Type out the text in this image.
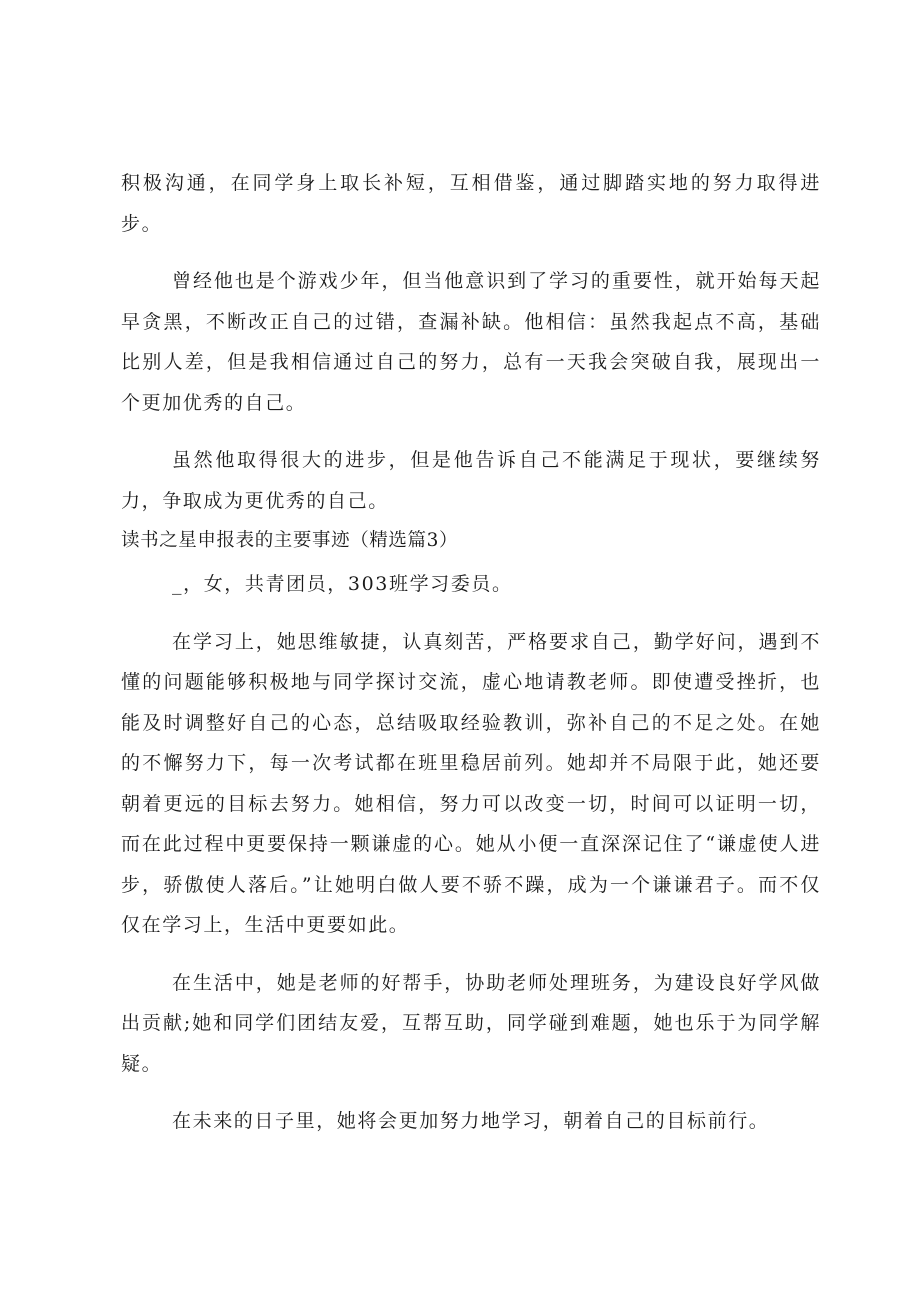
积极沟通，在同学身上取长补短，互相借鉴，通过脚踏实地的努力取得进步。

曾经他也是个游戏少年，但当他意识到了学习的重要性，就开始每天起早贪黑，不断改正自己的过错，查漏补缺。他相信：虽然我起点不高，基础比别人差，但是我相信通过自己的努力，总有一天我会突破自我，展现出一个更加优秀的自己。

虽然他取得很大的进步，但是他告诉自己不能满足于现状，要继续努力，争取成为更优秀的自己。

读书之星申报表的主要事迹（精选篇3）

_，女，共青团员，303班学习委员。

在学习上，她思维敏捷，认真刻苦，严格要求自己，勤学好问，遇到不懂的问题能够积极地与同学探讨交流，虚心地请教老师。即使遭受挫折，也能及时调整好自己的心态，总结吸取经验教训，弥补自己的不足之处。在她的不懈努力下，每一次考试都在班里稳居前列。她却并不局限于此，她还要朝着更远的目标去努力。她相信，努力可以改变一切，时间可以证明一切，而在此过程中更要保持一颗谦虚的心。她从小便一直深深记住了“谦虚使人进步，骄傲使人落后。”让她明白做人要不骄不躁，成为一个谦谦君子。而不仅仅在学习上，生活中更要如此。

在生活中，她是老师的好帮手，协助老师处理班务，为建设良好学风做出贡献;她和同学们团结友爱，互帮互助，同学碰到难题，她也乐于为同学解疑。

在未来的日子里，她将会更加努力地学习，朝着自己的目标前行。
